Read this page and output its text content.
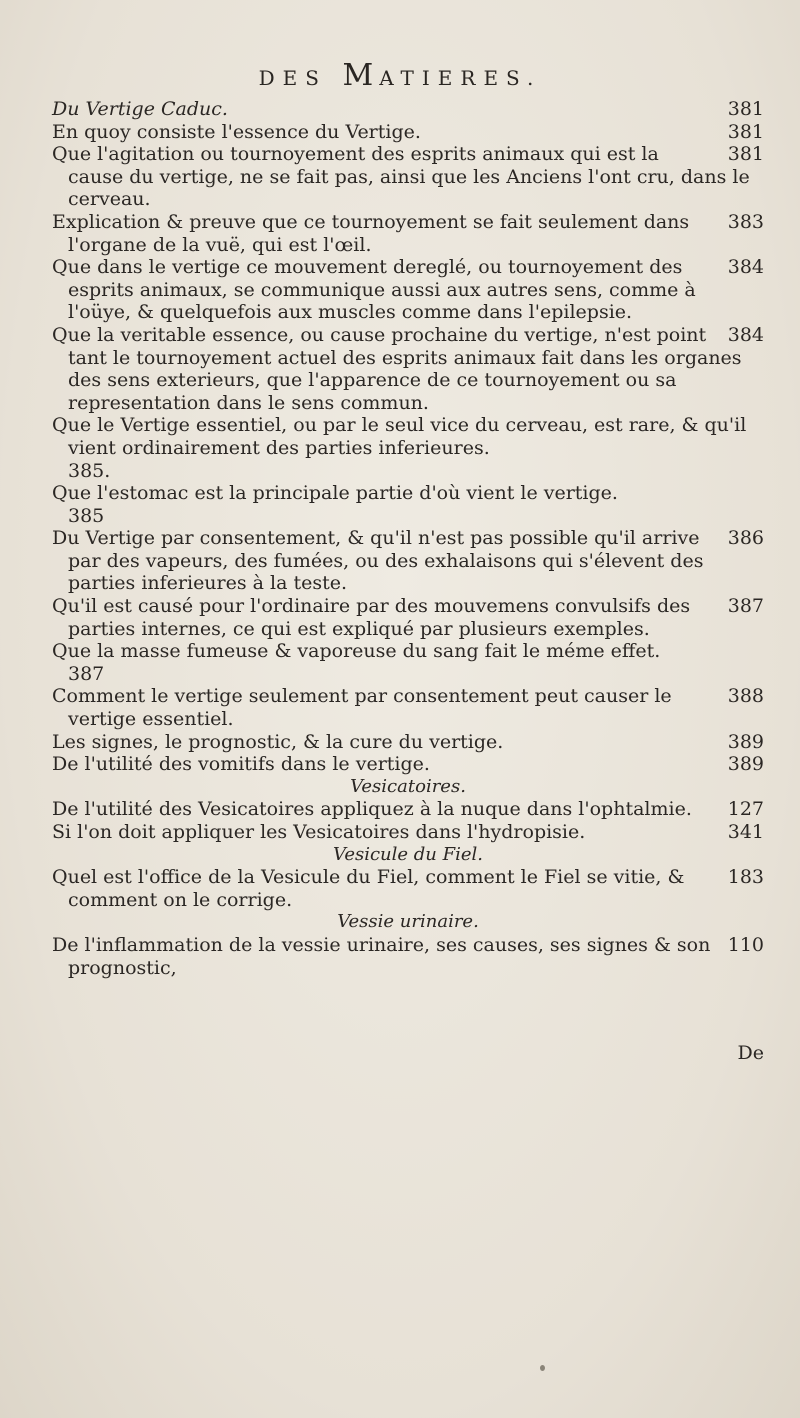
DES MATIERES.

381
Du Vertige Caduc.

381
En quoy consiste l'essence du Vertige.

381
Que l'agitation ou tournoyement des esprits animaux qui est la cause du vertige, ne se fait pas, ainsi que les Anciens l'ont cru, dans le cerveau.

383
Explication & preuve que ce tournoyement se fait seulement dans l'organe de la vuë, qui est l'œil.

384
Que dans le vertige ce mouvement dereglé, ou tournoyement des esprits animaux, se communique aussi aux autres sens, comme à l'oüye, & quelquefois aux muscles comme dans l'epilepsie.

384
Que la veritable essence, ou cause prochaine du vertige, n'est point tant le tournoyement actuel des esprits animaux fait dans les organes des sens exterieurs, que l'apparence de ce tournoyement ou sa representation dans le sens commun.

Que le Vertige essentiel, ou par le seul vice du cerveau, est rare, & qu'il vient ordinairement des parties inferieures.

385.

Que l'estomac est la principale partie d'où vient le vertige.

385

386
Du Vertige par consentement, & qu'il n'est pas possible qu'il arrive par des vapeurs, des fumées, ou des exhalaisons qui s'élevent des parties inferieures à la teste.

387
Qu'il est causé pour l'ordinaire par des mouvemens convulsifs des parties internes, ce qui est expliqué par plusieurs exemples.

Que la masse fumeuse & vaporeuse du sang fait le méme effet.

387

388
Comment le vertige seulement par consentement peut causer le vertige essentiel.

389
Les signes, le prognostic, & la cure du vertige.

389
De l'utilité des vomitifs dans le vertige.

Vesicatoires.

127
De l'utilité des Vesicatoires appliquez à la nuque dans l'ophtalmie.

341
Si l'on doit appliquer les Vesicatoires dans l'hydropisie.

Vesicule du Fiel.

183
Quel est l'office de la Vesicule du Fiel, comment le Fiel se vitie, & comment on le corrige.

Vessie urinaire.

110
De l'inflammation de la vessie urinaire, ses causes, ses signes & son prognostic,

De
